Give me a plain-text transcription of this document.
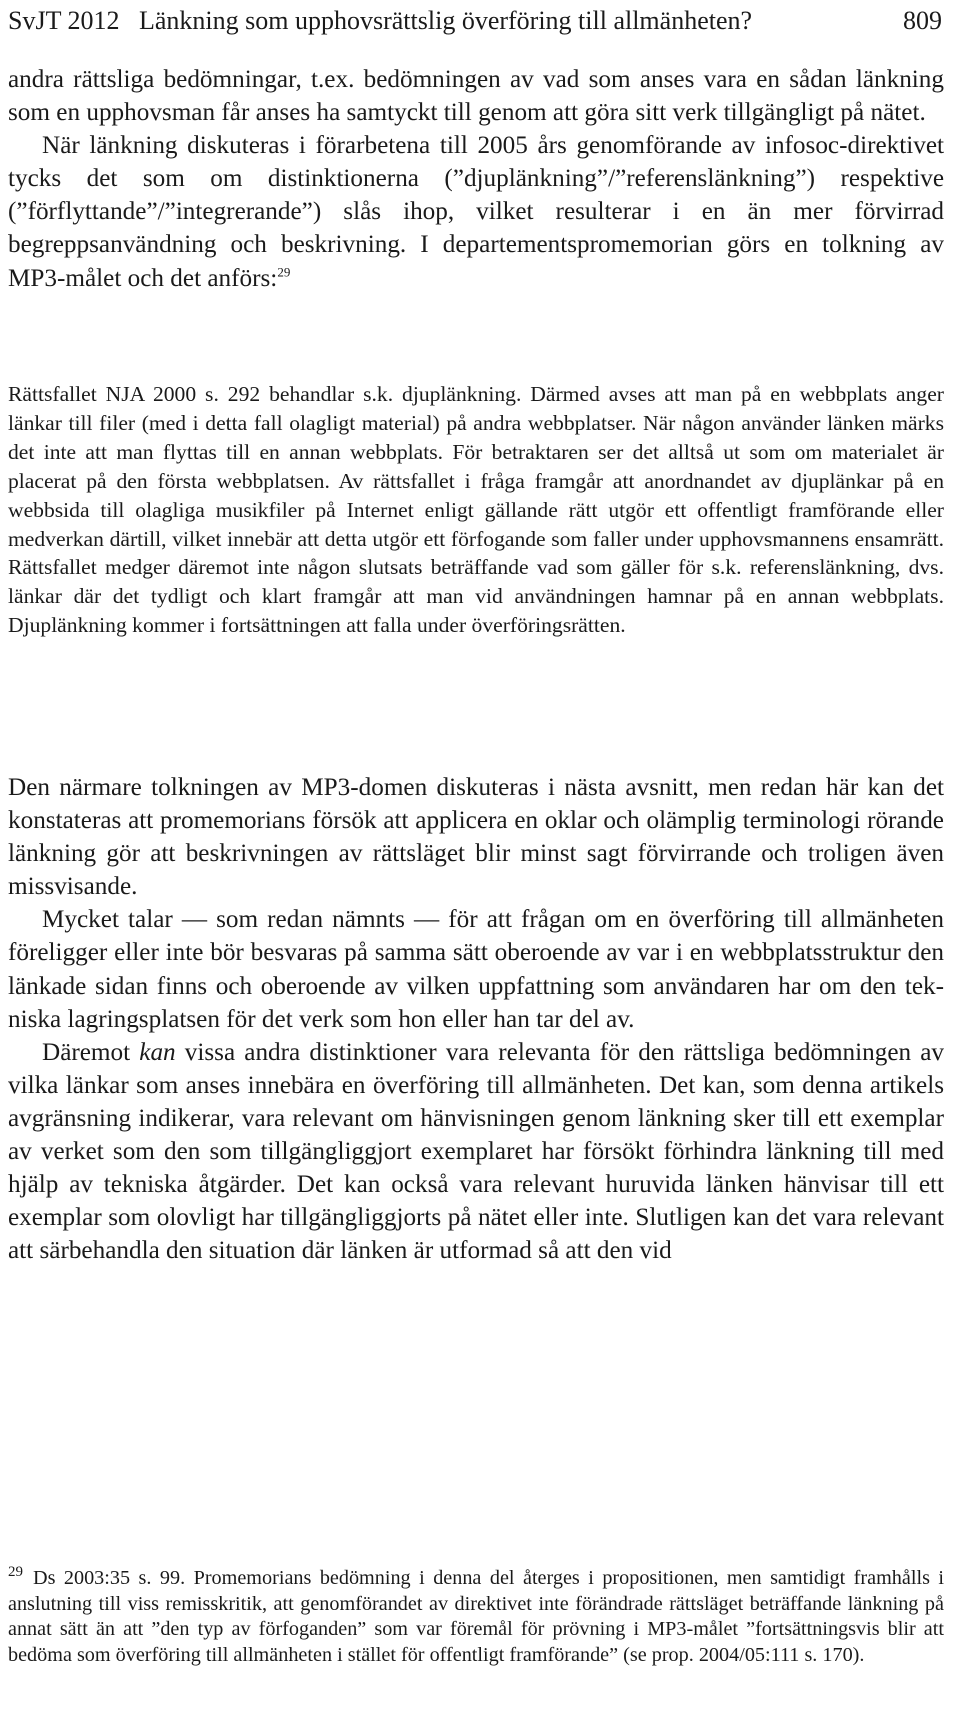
SvJT 2012 Länkning som upphovsrättslig överföring till allmänheten?	809

andra rättsliga bedömningar, t.ex. bedömningen av vad som anses vara en sådan länkning som en upphovsman får anses ha samtyckt till genom att göra sitt verk tillgängligt på nätet.

När länkning diskuteras i förarbetena till 2005 års genomförande av infosoc-direktivet tycks det som om distinktionerna (”djuplänkning”/”referenslänkning”) respektive (”förflyttande”/”integrerande”) slås ihop, vilket resulterar i en än mer förvirrad begreppsanvändning och beskrivning. I departementspromemorian görs en tolkning av MP3-målet och det anförs:$^{29}$

Rättsfallet NJA 2000 s. 292 behandlar s.k. djuplänkning. Därmed avses att man på en webbplats anger länkar till filer (med i detta fall olagligt material) på andra webbplatser. När någon använder länken märks det inte att man flyttas till en annan webbplats. För betraktaren ser det alltså ut som om materialet är placerat på den första webbplatsen. Av rättsfallet i fråga framgår att anordnandet av djuplänkar på en webbsida till olagliga musikfiler på Internet enligt gällande rätt utgör ett offentligt framförande eller medverkan därtill, vilket innebär att detta utgör ett förfogande som faller under upphovsmannens ensamrätt. Rättsfallet medger däremot inte någon slutsats beträffande vad som gäller för s.k. referenslänkning, dvs. länkar där det tydligt och klart framgår att man vid användningen hamnar på en annan webbplats. Djuplänkning kommer i fortsättningen att falla under överföringsrätten.

Den närmare tolkningen av MP3-domen diskuteras i nästa avsnitt, men redan här kan det konstateras att promemorians försök att applicera en oklar och olämplig terminologi rörande länkning gör att beskrivningen av rättsläget blir minst sagt förvirrande och troligen även missvisande.

Mycket talar — som redan nämnts — för att frågan om en överföring till allmänheten föreligger eller inte bör besvaras på samma sätt oberoende av var i en webbplatsstruktur den länkade sidan finns och oberoende av vilken uppfattning som användaren har om den tekniska lagringsplatsen för det verk som hon eller han tar del av.

Däremot kan vissa andra distinktioner vara relevanta för den rättsliga bedömningen av vilka länkar som anses innebära en överföring till allmänheten. Det kan, som denna artikels avgränsning indikerar, vara relevant om hänvisningen genom länkning sker till ett exemplar av verket som den som tillgängliggjort exemplaret har försökt förhindra länkning till med hjälp av tekniska åtgärder. Det kan också vara relevant huruvida länken hänvisar till ett exemplar som olovligt har tillgängliggjorts på nätet eller inte. Slutligen kan det vara relevant att särbehandla den situation där länken är utformad så att den vid

$^{29}$ Ds 2003:35 s. 99. Promemorians bedömning i denna del återges i propositionen, men samtidigt framhålls i anslutning till viss remisskritik, att genomförandet av direktivet inte förändrade rättsläget beträffande länkning på annat sätt än att ”den typ av förfoganden” som var föremål för prövning i MP3-målet ”fortsättningsvis blir att bedöma som överföring till allmänheten i stället för offentligt framförande” (se prop. 2004/05:111 s. 170).
